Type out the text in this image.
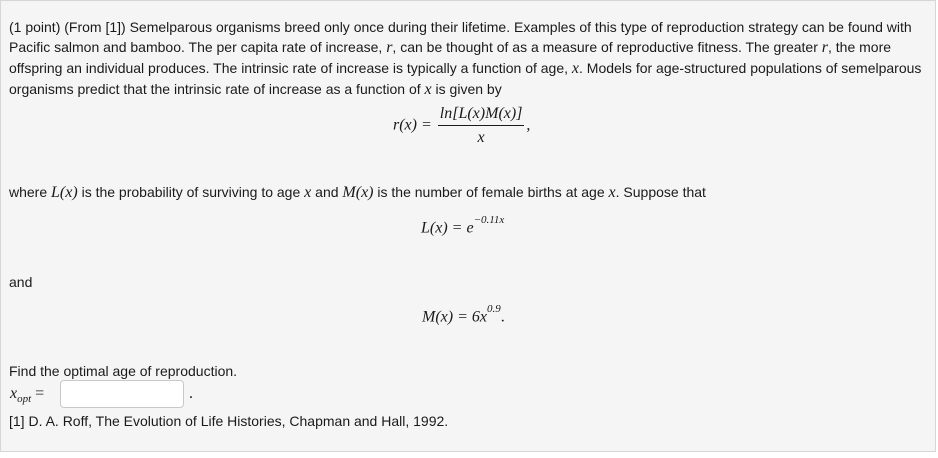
(1 point) (From [1]) Semelparous organisms breed only once during their lifetime. Examples of this type of reproduction strategy can be found with Pacific salmon and bamboo. The per capita rate of increase, r, can be thought of as a measure of reproductive fitness. The greater r, the more offspring an individual produces. The intrinsic rate of increase is typically a function of age, x. Models for age-structured populations of semelparous organisms predict that the intrinsic rate of increase as a function of x is given by
$r(x) = \frac{\ln[L(x)M(x)]}{x}$ ,
where L(x) is the probability of surviving to age x and M(x) is the number of female births at age x. Suppose that
$L(x) = e^{-0.11x}$
and
$M(x) = 6x^{0.9}$.
Find the optimal age of reproduction.
$x_{opt}$ =	.
[1] D. A. Roff, The Evolution of Life Histories, Chapman and Hall, 1992.
